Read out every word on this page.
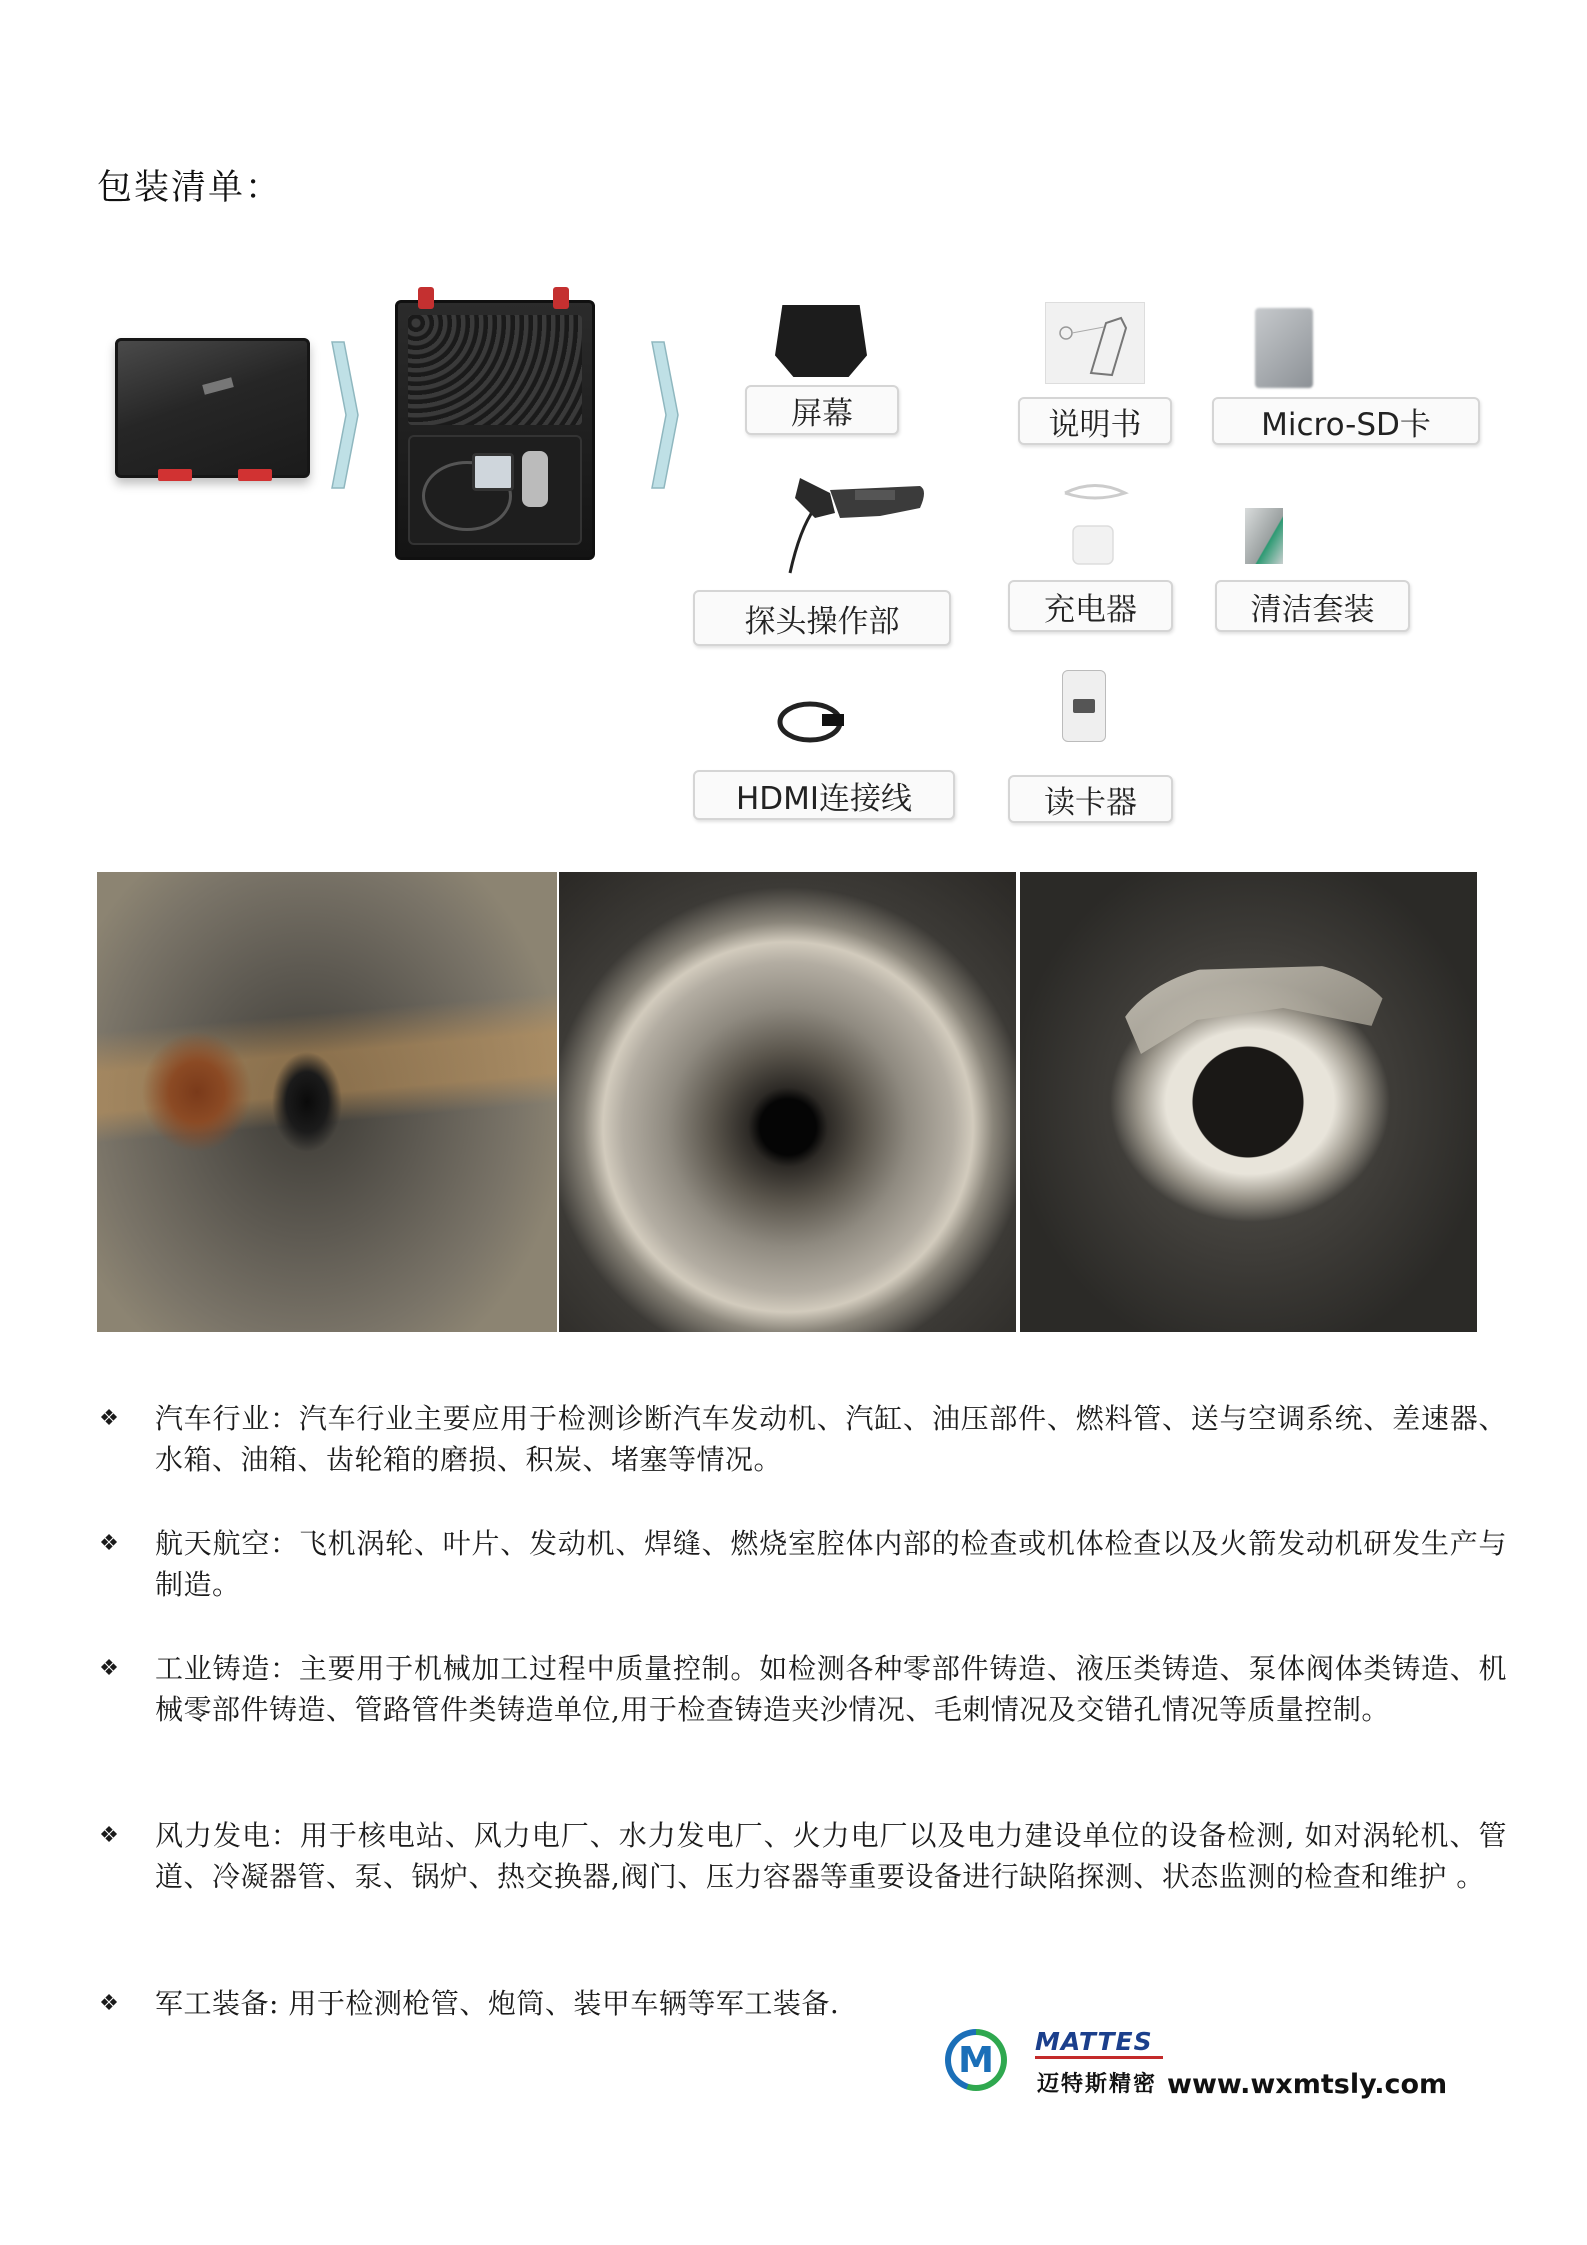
包装清单：
屏幕	说明书	Micro-SD卡
探头操作部	充电器	清洁套装
HDMI连接线	读卡器
❖ 汽车行业：汽车行业主要应用于检测诊断汽车发动机、汽缸、油压部件、燃料管、送与空调系统、差速器、水箱、油箱、齿轮箱的磨损、积炭、堵塞等情况。
❖ 航天航空：飞机涡轮、叶片、发动机、焊缝、燃烧室腔体内部的检查或机体检查以及火箭发动机研发生产与制造。
❖ 工业铸造：主要用于机械加工过程中质量控制。如检测各种零部件铸造、液压类铸造、泵体阀体类铸造、机械零部件铸造、管路管件类铸造单位,用于检查铸造夹沙情况、毛刺情况及交错孔情况等质量控制。
❖ 风力发电：用于核电站、风力电厂、水力发电厂、火力电厂以及电力建设单位的设备检测, 如对涡轮机、管道、冷凝器管、泵、锅炉、热交换器,阀门、压力容器等重要设备进行缺陷探测、状态监测的检查和维护 。
❖ 军工装备: 用于检测枪管、炮筒、装甲车辆等军工装备.
M
MATTES
迈特斯精密 www.wxmtsly.com
